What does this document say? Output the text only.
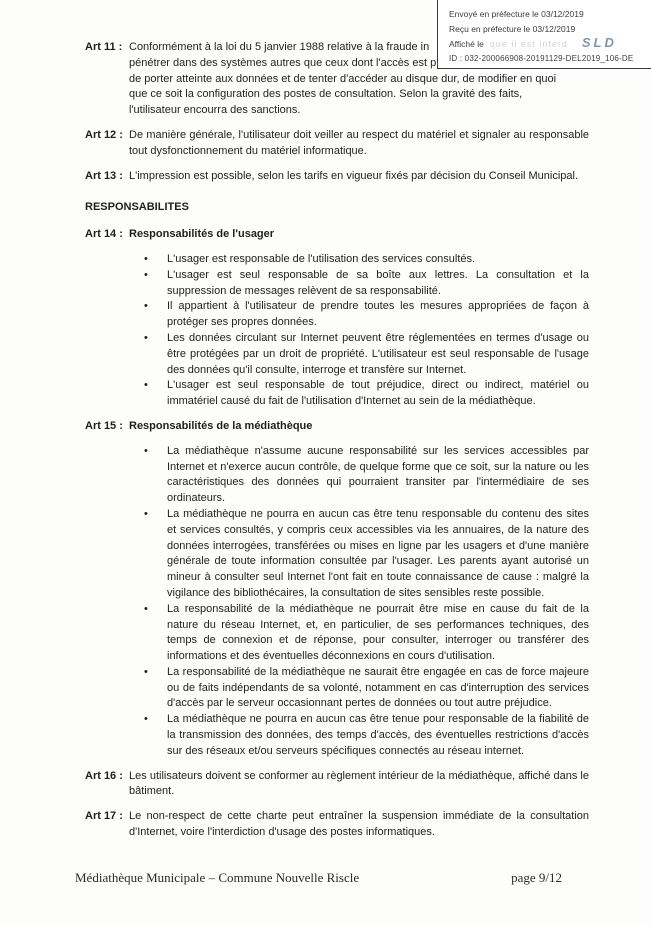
Art 11 : Conformément à la loi du 5 janvier 1988 relative à la fraude in
pénétrer dans des systèmes autres que ceux dont l'accès est p
de porter atteinte aux données et de tenter d'accéder au disque dur, de modifier en quoi
que ce soit la configuration des postes de consultation. Selon la gravité des faits,
l'utilisateur encourra des sanctions.
Art 12 : De manière générale, l'utilisateur doit veiller au respect du matériel et signaler au responsable tout dysfonctionnement du matériel informatique.

Art 13 : L'impression est possible, selon les tarifs en vigueur fixés par décision du Conseil Municipal.

RESPONSABILITES
Art 14 : Responsabilités de l'usager
•

L'usager est responsable de l'utilisation des services consultés.

•

L'usager est seul responsable de sa boîte aux lettres. La consultation et la suppression de messages relèvent de sa responsabilité.

•

Il appartient à l'utilisateur de prendre toutes les mesures appropriées de façon à protéger ses propres données.

•

Les données circulant sur Internet peuvent être réglementées en termes d'usage ou être protégées par un droit de propriété. L'utilisateur est seul responsable de l'usage des données qu'il consulte, interroge et transfère sur Internet.

•

L'usager est seul responsable de tout préjudice, direct ou indirect, matériel ou immatériel causé du fait de l'utilisation d'Internet au sein de la médiathèque.

Art 15 : Responsabilités de la médiathèque
•

La médiathèque n'assume aucune responsabilité sur les services accessibles par Internet et n'exerce aucun contrôle, de quelque forme que ce soit, sur la nature ou les caractéristiques des données qui pourraient transiter par l'intermédiaire de ses ordinateurs.

•

La médiathèque ne pourra en aucun cas être tenu responsable du contenu des sites et services consultés, y compris ceux accessibles via les annuaires, de la nature des données interrogées, transférées ou mises en ligne par les usagers et d'une manière générale de toute information consultée par l'usager. Les parents ayant autorisé un mineur à consulter seul Internet l'ont fait en toute connaissance de cause : malgré la vigilance des bibliothécaires, la consultation de sites sensibles reste possible.

•

La responsabilité de la médiathèque ne pourrait être mise en cause du fait de la nature du réseau Internet, et, en particulier, de ses performances techniques, des temps de connexion et de réponse, pour consulter, interroger ou transférer des informations et des éventuelles déconnexions en cours d'utilisation.

•

La responsabilité de la médiathèque ne saurait être engagée en cas de force majeure ou de faits indépendants de sa volonté, notamment en cas d'interruption des services d'accès par le serveur occasionnant pertes de données ou tout autre préjudice.

•

La médiathèque ne pourra en aucun cas être tenue pour responsable de la fiabilité de la transmission des données, des temps d'accès, des éventuelles restrictions d'accès sur des réseaux et/ou serveurs spécifiques connectés au réseau internet.

Art 16 : Les utilisateurs doivent se conformer au règlement intérieur de la médiathèque, affiché dans le bâtiment.

Art 17 : Le non-respect de cette charte peut entraîner la suspension immédiate de la consultation d'Internet, voire l'interdiction d'usage des postes informatiques.

Envoyé en préfecture le 03/12/2019
Reçu en préfecture le 03/12/2019
Affiché le que il est interd SLD
ID : 032-200066908-20191129-DEL2019_106-DE
Médiathèque Municipale – Commune Nouvelle Riscle	page 9/12
